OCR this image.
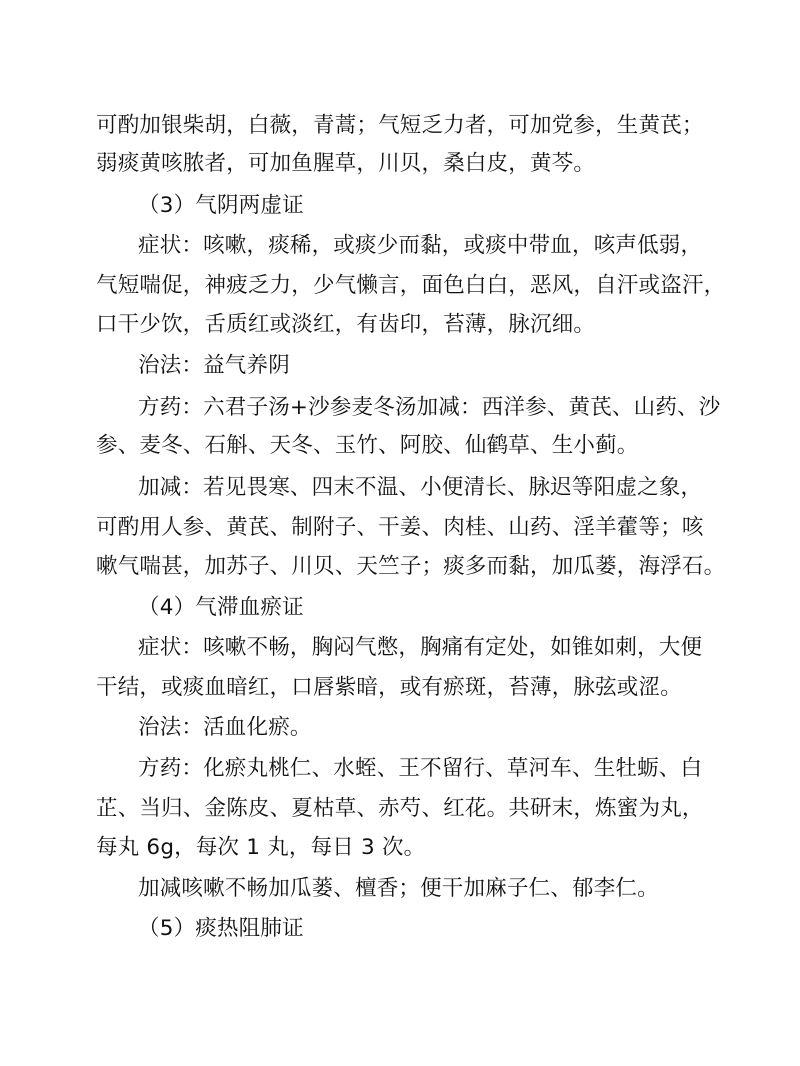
可酌加银柴胡，白薇，青蒿；气短乏力者，可加党参，生黄芪；
弱痰黄咳脓者，可加鱼腥草，川贝，桑白皮，黄芩。
（3）气阴两虚证
症状：咳嗽，痰稀，或痰少而黏，或痰中带血，咳声低弱，
气短喘促，神疲乏力，少气懒言，面色白白，恶风，自汗或盗汗，
口干少饮，舌质红或淡红，有齿印，苔薄，脉沉细。
治法：益气养阴
方药：六君子汤+沙参麦冬汤加减：西洋参、黄芪、山药、沙
参、麦冬、石斛、天冬、玉竹、阿胶、仙鹤草、生小蓟。
加减：若见畏寒、四末不温、小便清长、脉迟等阳虚之象，
可酌用人参、黄芪、制附子、干姜、肉桂、山药、淫羊藿等；咳
嗽气喘甚，加苏子、川贝、天竺子；痰多而黏，加瓜蒌，海浮石。
（4）气滞血瘀证
症状：咳嗽不畅，胸闷气憋，胸痛有定处，如锥如刺，大便
干结，或痰血暗红，口唇紫暗，或有瘀斑，苔薄，脉弦或涩。
治法：活血化瘀。
方药：化瘀丸桃仁、水蛭、王不留行、草河车、生牡蛎、白
芷、当归、金陈皮、夏枯草、赤芍、红花。共研末，炼蜜为丸，
每丸 6g，每次 1 丸，每日 3 次。
加减咳嗽不畅加瓜蒌、檀香；便干加麻子仁、郁李仁。
（5）痰热阻肺证
